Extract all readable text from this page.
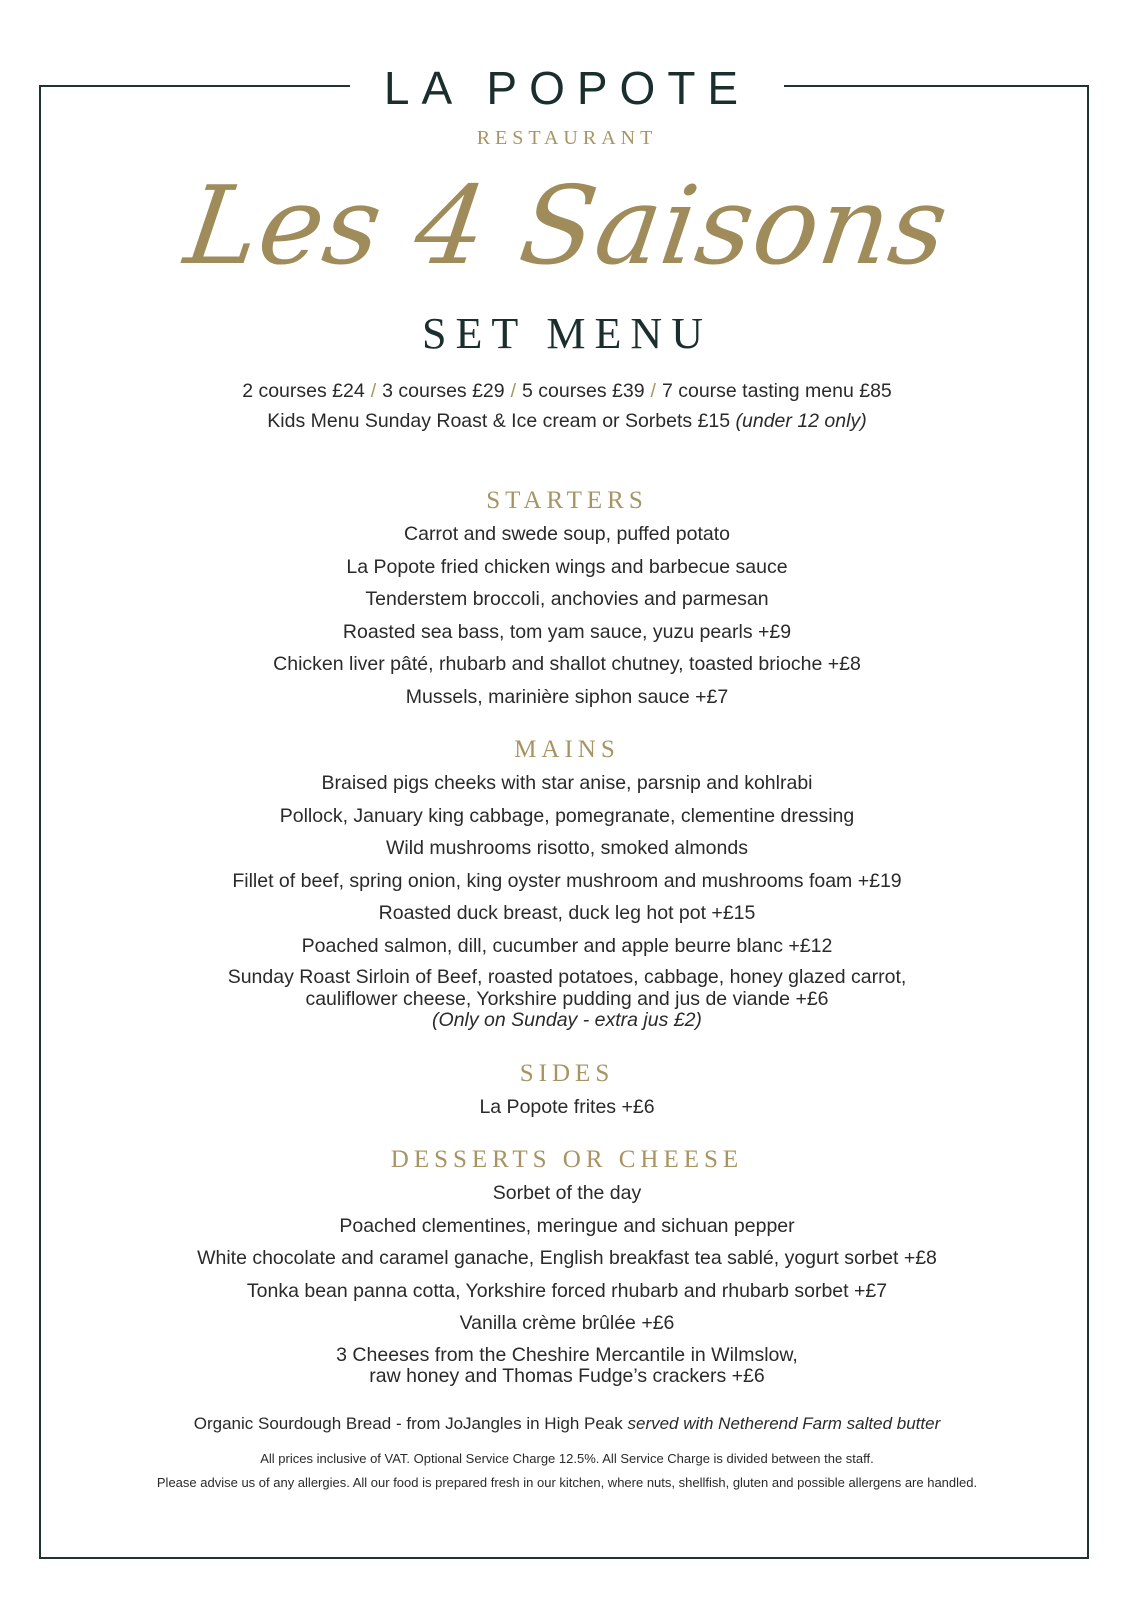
LA POPOTE
RESTAURANT
Les 4 Saisons
SET MENU
2 courses £24 / 3 courses £29 / 5 courses £39 / 7 course tasting menu £85
Kids Menu Sunday Roast & Ice cream or Sorbets £15 (under 12 only)
STARTERS
Carrot and swede soup, puffed potato
La Popote fried chicken wings and barbecue sauce
Tenderstem broccoli, anchovies and parmesan
Roasted sea bass, tom yam sauce, yuzu pearls +£9
Chicken liver pâté, rhubarb and shallot chutney, toasted brioche +£8
Mussels, marinière siphon sauce +£7
MAINS
Braised pigs cheeks with star anise, parsnip and kohlrabi
Pollock, January king cabbage, pomegranate, clementine dressing
Wild mushrooms risotto, smoked almonds
Fillet of beef, spring onion, king oyster mushroom and mushrooms foam +£19
Roasted duck breast, duck leg hot pot +£15
Poached salmon, dill, cucumber and apple beurre blanc +£12
Sunday Roast Sirloin of Beef, roasted potatoes, cabbage, honey glazed carrot,
cauliflower cheese, Yorkshire pudding and jus de viande +£6
(Only on Sunday - extra jus £2)
SIDES
La Popote frites +£6
DESSERTS OR CHEESE
Sorbet of the day
Poached clementines, meringue and sichuan pepper
White chocolate and caramel ganache, English breakfast tea sablé, yogurt sorbet +£8
Tonka bean panna cotta, Yorkshire forced rhubarb and rhubarb sorbet +£7
Vanilla crème brûlée +£6
3 Cheeses from the Cheshire Mercantile in Wilmslow,
raw honey and Thomas Fudge’s crackers +£6
Organic Sourdough Bread - from JoJangles in High Peak served with Netherend Farm salted butter
All prices inclusive of VAT. Optional Service Charge 12.5%. All Service Charge is divided between the staff.
Please advise us of any allergies. All our food is prepared fresh in our kitchen, where nuts, shellfish, gluten and possible allergens are handled.
